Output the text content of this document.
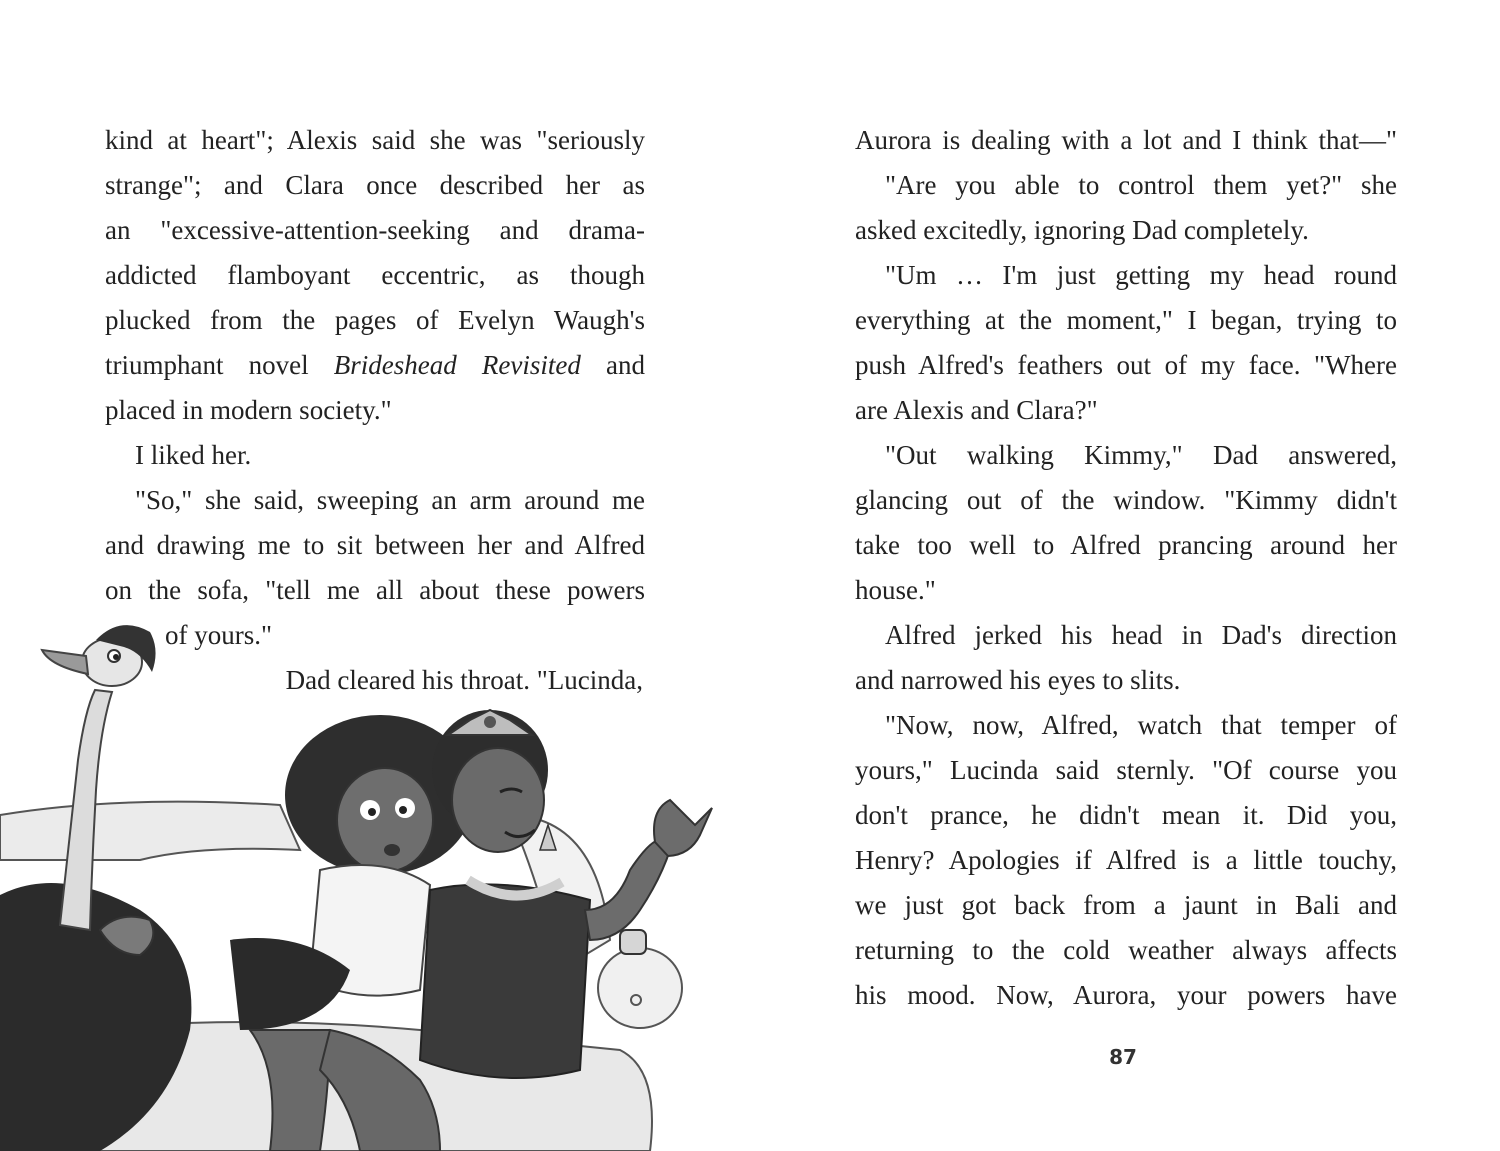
kind at heart"; Alexis said she was "seriously

strange"; and Clara once described her as

an "excessive-attention-seeking and drama-

addicted flamboyant eccentric, as though

plucked from the pages of Evelyn Waugh's

triumphant novel Brideshead Revisited and

placed in modern society."

I liked her.

"So," she said, sweeping an arm around me

and drawing me to sit between her and Alfred

on the sofa, "tell me all about these powers

of yours."

Dad cleared his throat. "Lucinda,

Aurora is dealing with a lot and I think that—"

"Are you able to control them yet?" she

asked excitedly, ignoring Dad completely.

"Um … I'm just getting my head round

everything at the moment," I began, trying to

push Alfred's feathers out of my face. "Where

are Alexis and Clara?"

"Out walking Kimmy," Dad answered,

glancing out of the window. "Kimmy didn't

take too well to Alfred prancing around her

house."

Alfred jerked his head in Dad's direction

and narrowed his eyes to slits.

"Now, now, Alfred, watch that temper of

yours," Lucinda said sternly. "Of course you

don't prance, he didn't mean it. Did you,

Henry? Apologies if Alfred is a little touchy,

we just got back from a jaunt in Bali and

returning to the cold weather always affects

his mood. Now, Aurora, your powers have

87
